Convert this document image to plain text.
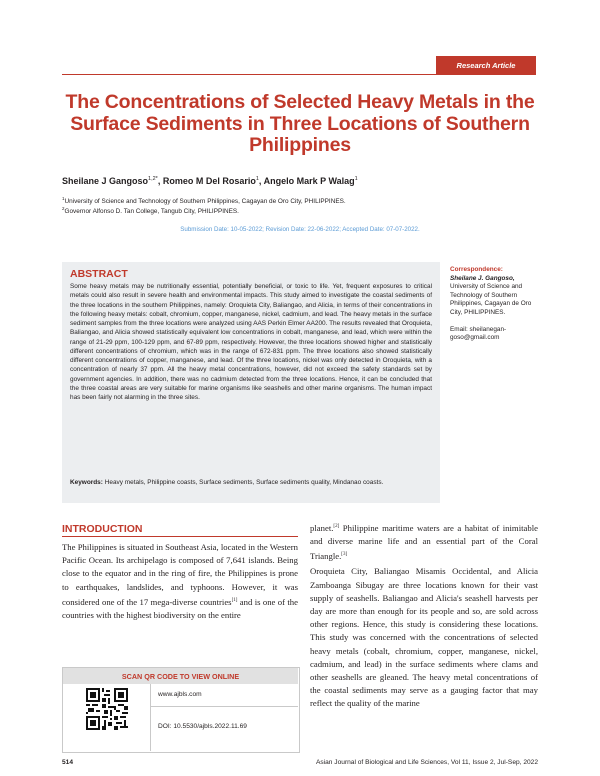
Research Article
The Concentrations of Selected Heavy Metals in the Surface Sediments in Three Locations of Southern Philippines
Sheilane J Gangoso$^{1,2*}$, Romeo M Del Rosario$^1$, Angelo Mark P Walag$^1$
$^1$University of Science and Technology of Southern Philippines, Cagayan de Oro City, PHILIPPINES.
$^2$Governor Alfonso D. Tan College, Tangub City, PHILIPPINES.
Submission Date: 10-05-2022; Revision Date: 22-06-2022; Accepted Date: 07-07-2022.
ABSTRACT
Some heavy metals may be nutritionally essential, potentially beneficial, or toxic to life. Yet, frequent exposures to critical metals could also result in severe health and environmental impacts. This study aimed to investigate the coastal sediments of the three locations in the southern Philippines, namely: Oroquieta City, Baliangao, and Alicia, in terms of their concentrations in the following heavy metals: cobalt, chromium, copper, manganese, nickel, cadmium, and lead. The heavy metals in the surface sediment samples from the three locations were analyzed using AAS Perkin Elmer AA200. The results revealed that Oroquieta, Baliangao, and Alicia showed statistically equivalent low concentrations in cobalt, manganese, and lead, which were within the range of 21-29 ppm, 100-129 ppm, and 67-89 ppm, respectively. However, the three locations showed higher and statistically different concentrations of chromium, which was in the range of 672-831 ppm. The three locations also showed statistically different concentrations of copper, manganese, and lead. Of the three locations, nickel was only detected in Oroquieta, with a concentration of nearly 37 ppm. All the heavy metal concentrations, however, did not exceed the safety standards set by government agencies. In addition, there was no cadmium detected from the three locations. Hence, it can be concluded that the three coastal areas are very suitable for marine organisms like seashells and other marine organisms. The human impact has been fairly not alarming in the three sites.
Keywords: Heavy metals, Philippine coasts, Surface sediments, Surface sediments quality, Mindanao coasts.
Correspondence:
Sheilane J. Gangoso,
University of Science and Technology of Southern Philippines, Cagayan de Oro City, PHILIPPINES.
Email: sheilanegan-goso@gmail.com
INTRODUCTION
The Philippines is situated in Southeast Asia, located in the Western Pacific Ocean. Its archipelago is composed of 7,641 islands. Being close to the equator and in the ring of fire, the Philippines is prone to earthquakes, landslides, and typhoons. However, it was considered one of the 17 mega-diverse countries[1] and is one of the countries with the highest biodiversity on the entire
planet.[2] Philippine maritime waters are a habitat of inimitable and diverse marine life and an essential part of the Coral Triangle.[3]
Oroquieta City, Baliangao Misamis Occidental, and Alicia Zamboanga Sibugay are three locations known for their vast supply of seashells. Baliangao and Alicia's seashell harvests per day are more than enough for its people and so, are sold across other regions. Hence, this study is considering these locations. This study was concerned with the concentrations of selected heavy metals (cobalt, chromium, copper, manganese, nickel, cadmium, and lead) in the surface sediments where clams and other seashells are gleaned. The heavy metal concentrations of the coastal sediments may serve as a gauging factor that may reflect the quality of the marine
SCAN QR CODE TO VIEW ONLINE
www.ajbls.com
DOI: 10.5530/ajbls.2022.11.69
514	Asian Journal of Biological and Life Sciences, Vol 11, Issue 2, Jul-Sep, 2022
